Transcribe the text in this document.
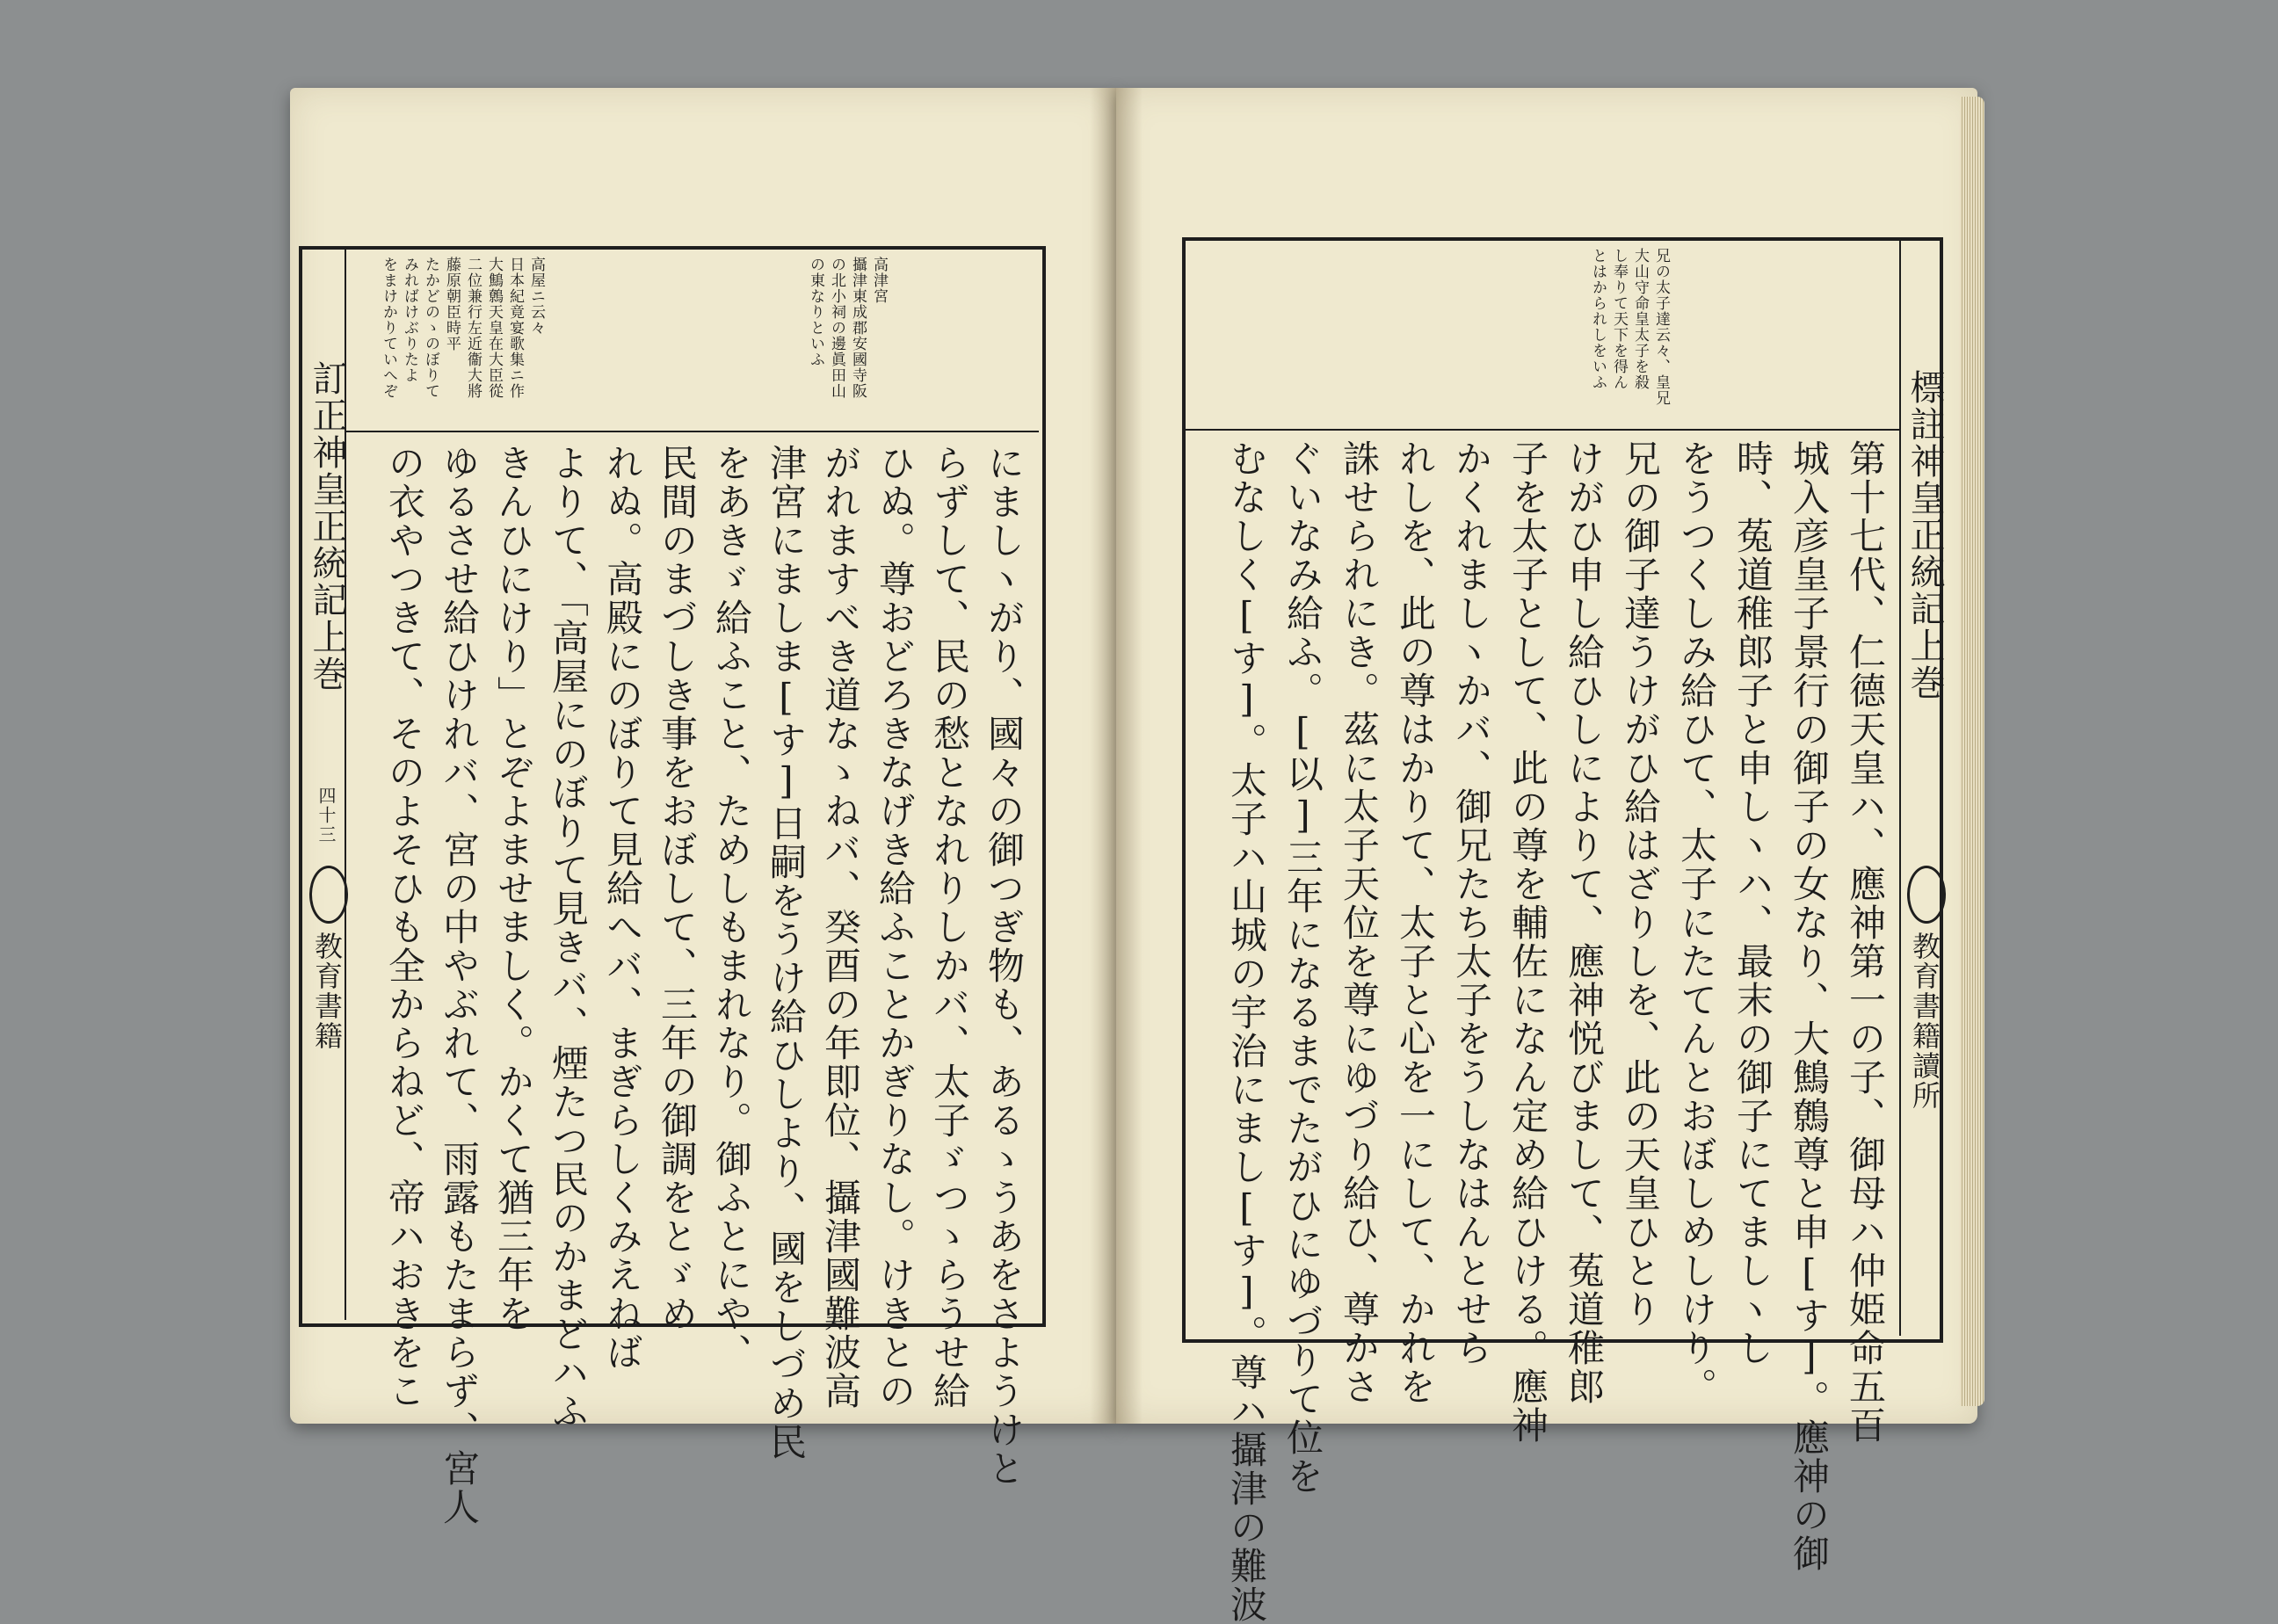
訂正神皇正統記上巻
四十三
教育書籍
高津宮
攝津東成郡安國寺阪
の北小祠の邊眞田山
の東なりといふ
高屋ニ云々
日本紀竟宴歌集ニ作
大鷦鷯天皇在大臣從
二位兼行左近衞大將
藤原朝臣時平
たかどのゝのぼりて
みればけぶりたよ
をまけかりていへぞ
にましヽがり、國々の御つぎ物も、あるゝうあをさようけと
らずして、民の愁となれりしかバ、太子ゞつゝらうせ給
ひぬ。尊おどろきなげき給ふことかぎりなし。けきとの
がれますべき道なゝねバ、癸酉の年即位、攝津國難波高
津宮にましま[す]日嗣をうけ給ひしより、國をしづめ民
をあきゞ給ふこと、ためしもまれなり。御ふとにや、
民間のまづしき事をおぼして、三年の御調をとゞめ
れぬ。高殿にのぼりて見給へバ、まぎらしくみえねば
よりて、「高屋にのぼりて見きバ、煙たつ民のかまどハふ
きんひにけり」とぞよませましく。かくて猶三年を
ゆるさせ給ひけれバ、宮の中やぶれて、雨露もたまらず、宮人
の衣やつきて、そのよそひも全からねど、帝ハおきをこ	標註神皇正統記上巻
教育書籍讀所
兄の太子達云々、皇兄
大山守命皇太子を殺
し奉りて天下を得ん
とはかられしをいふ
第十七代、仁德天皇ハ、應神第一の子、御母ハ仲姫命五百
城入彦皇子景行の御子の女なり、大鷦鷯尊と申[す]。應神の御
時、菟道稚郎子と申しヽハ、最末の御子にてましヽし
をうつくしみ給ひて、太子にたてんとおぼしめしけり。
兄の御子達うけがひ給はざりしを、此の天皇ひとり
けがひ申し給ひしによりて、應神悦びまして、菟道稚郎
子を太子として、此の尊を輔佐になん定め給ひける。應神
かくれましヽかバ、御兄たち太子をうしなはんとせら
れしを、此の尊はかりて、太子と心を一にして、かれを
誅せられにき。茲に太子天位を尊にゆづり給ひ、尊かさ
ぐいなみ給ふ。[以]三年になるまでたがひにゆづりて位を
むなしく[す]。太子ハ山城の宇治にまし[す]。尊ハ攝津の難波
